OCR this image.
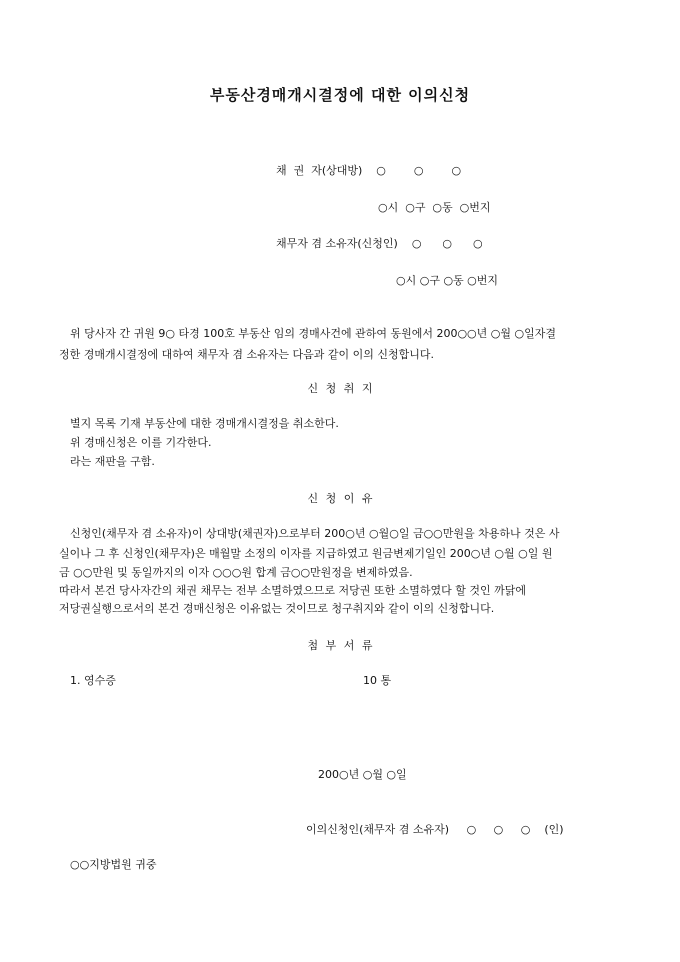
부동산경매개시결정에 대한 이의신청
채  권  자(상대방)    ○        ○        ○
○시  ○구  ○동  ○번지
채무자 겸 소유자(신청인)    ○      ○      ○
○시 ○구 ○동 ○번지
위 당사자 간 귀원 9○ 타경 100호 부동산 임의 경매사건에 관하여 동원에서 200○○년 ○월 ○일자결
정한 경매개시결정에 대하여 채무자 겸 소유자는 다음과 같이 이의 신청합니다.
신 청 취 지
별지 목록 기재 부동산에 대한 경매개시결정을 취소한다.
위 경매신청은 이를 기각한다.
라는 재판을 구함.
신 청 이 유
신청인(채무자 겸 소유자)이 상대방(채권자)으로부터 200○년 ○월○일 금○○만원을 차용하나 것은 사
실이나 그 후 신청인(채무자)은 매월말 소정의 이자를 지급하였고 원금변제기일인 200○년 ○월 ○일 원
금 ○○만원 및 동일까지의 이자 ○○○원 합계 금○○만원정을 변제하였음.
따라서 본건 당사자간의 채권 채무는 전부 소멸하였으므로 저당권 또한 소멸하였다 할 것인 까닭에
저당권실행으로서의 본건 경매신청은 이유없는 것이므로 청구취지와 같이 이의 신청합니다.
첨 부 서 류
1. 영수증	10 통
200○년 ○월 ○일
이의신청인(채무자 겸 소유자)     ○     ○     ○    (인)
○○지방법원 귀중
